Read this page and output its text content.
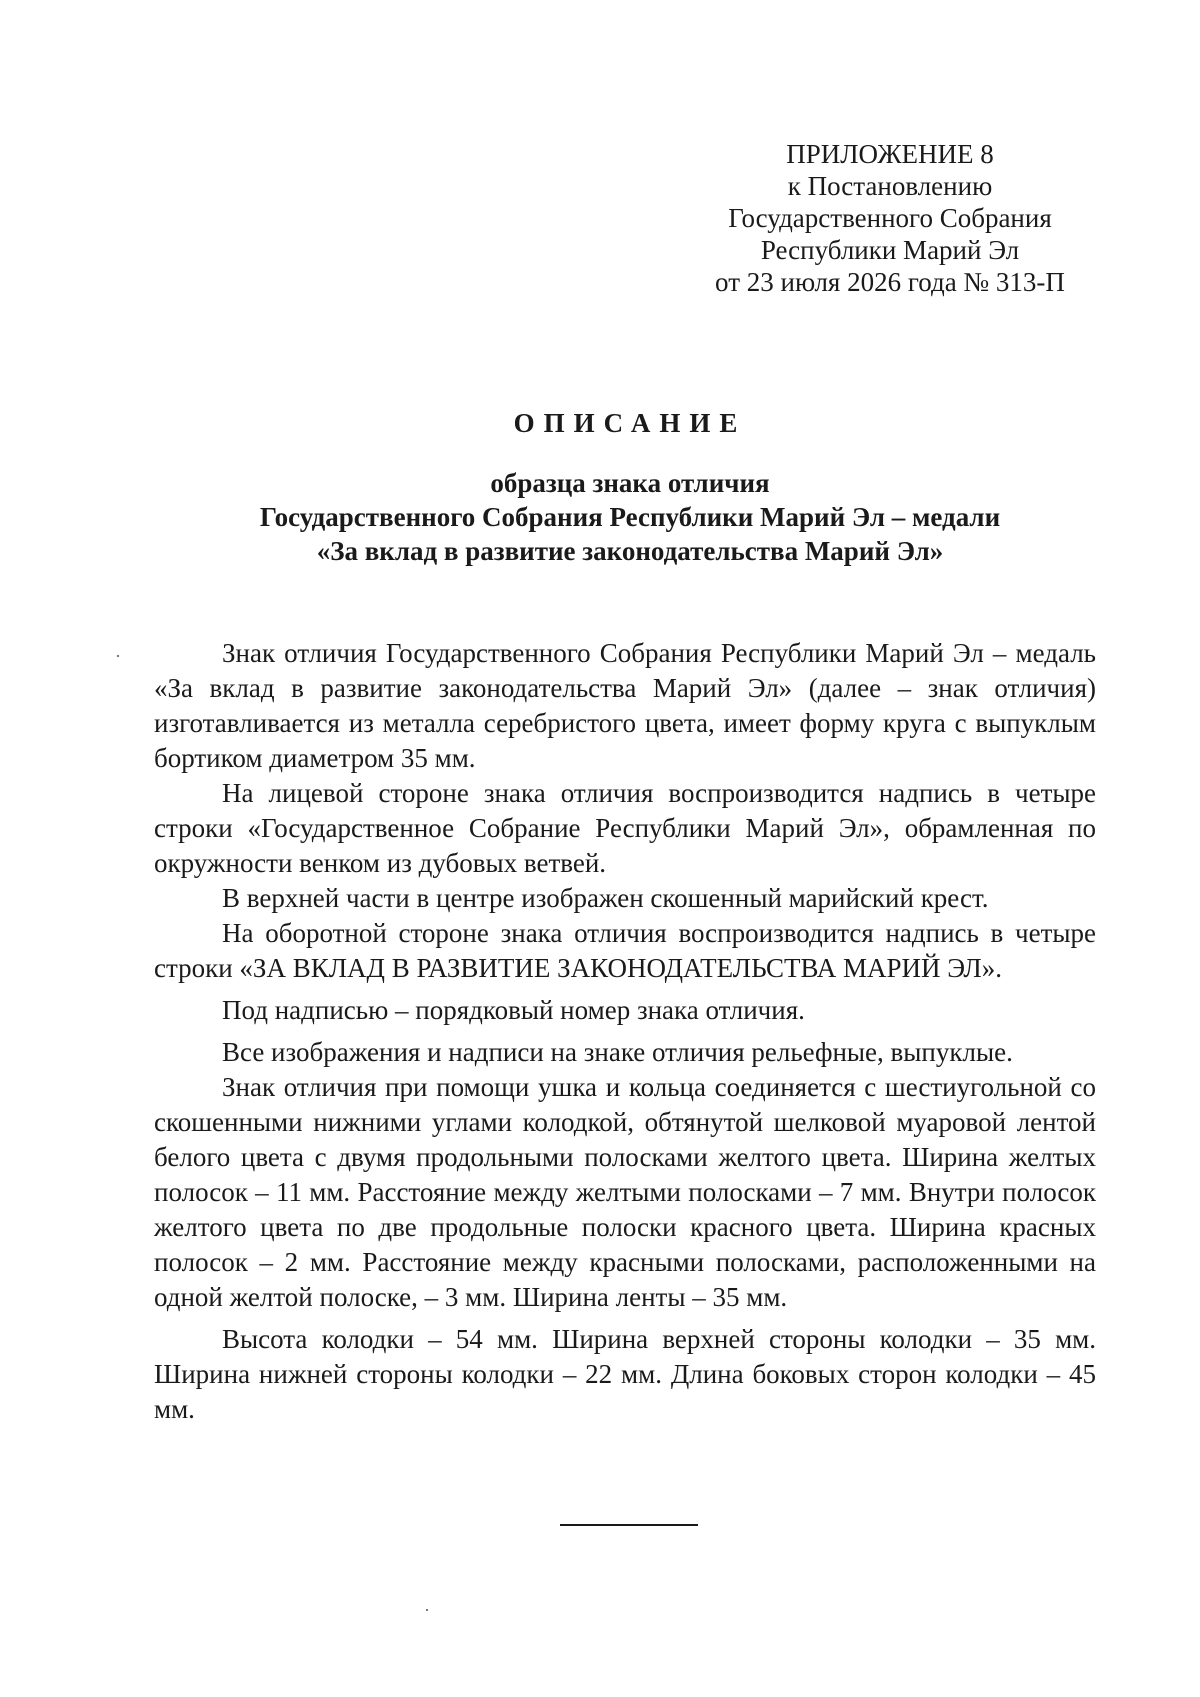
ПРИЛОЖЕНИЕ 8
к Постановлению
Государственного Собрания
Республики Марий Эл
от 23 июля 2026 года № 313-П
ОПИСАНИЕ
образца знака отличия
Государственного Собрания Республики Марий Эл – медали
«За вклад в развитие законодательства Марий Эл»

Знак отличия Государственного Собрания Республики Марий Эл – медаль «За вклад в развитие законодательства Марий Эл» (далее – знак отличия) изготавливается из металла серебристого цвета, имеет форму круга с выпуклым бортиком диаметром 35 мм.

На лицевой стороне знака отличия воспроизводится надпись в четыре строки «Государственное Собрание Республики Марий Эл», обрамленная по окружности венком из дубовых ветвей.

В верхней части в центре изображен скошенный марийский крест.

На оборотной стороне знака отличия воспроизводится надпись в четыре строки «ЗА ВКЛАД В РАЗВИТИЕ ЗАКОНОДАТЕЛЬСТВА МАРИЙ ЭЛ».

Под надписью – порядковый номер знака отличия.

Все изображения и надписи на знаке отличия рельефные, выпуклые.

Знак отличия при помощи ушка и кольца соединяется с шестиугольной со скошенными нижними углами колодкой, обтянутой шелковой муаровой лентой белого цвета с двумя продольными полосками желтого цвета. Ширина желтых полосок – 11 мм. Расстояние между желтыми полосками – 7 мм. Внутри полосок желтого цвета по две продольные полоски красного цвета. Ширина красных полосок – 2 мм. Расстояние между красными полосками, расположенными на одной желтой полоске, – 3 мм. Ширина ленты – 35 мм.

Высота колодки – 54 мм. Ширина верхней стороны колодки – 35 мм. Ширина нижней стороны колодки – 22 мм. Длина боковых сторон колодки – 45 мм.
